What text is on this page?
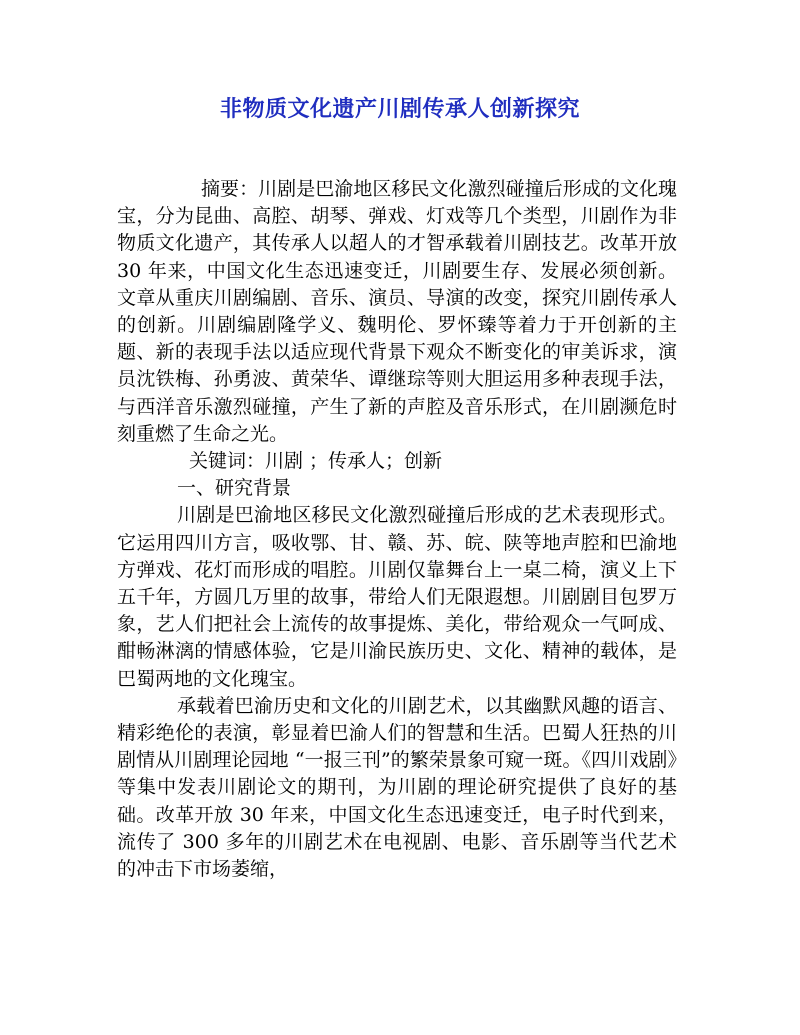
非物质文化遗产川剧传承人创新探究

摘要：川剧是巴渝地区移民文化激烈碰撞后形成的文化瑰宝，分为昆曲、高腔、胡琴、弹戏、灯戏等几个类型，川剧作为非物质文化遗产，其传承人以超人的才智承载着川剧技艺。改革开放 30 年来，中国文化生态迅速变迁，川剧要生存、发展必须创新。文章从重庆川剧编剧、音乐、演员、导演的改变，探究川剧传承人的创新。川剧编剧隆学义、魏明伦、罗怀臻等着力于开创新的主题、新的表现手法以适应现代背景下观众不断变化的审美诉求，演员沈铁梅、孙勇波、黄荣华、谭继琮等则大胆运用多种表现手法，与西洋音乐激烈碰撞，产生了新的声腔及音乐形式，在川剧濒危时刻重燃了生命之光。

关键词：川剧 ；传承人；创新

一、研究背景

川剧是巴渝地区移民文化激烈碰撞后形成的艺术表现形式。它运用四川方言，吸收鄂、甘、赣、苏、皖、陕等地声腔和巴渝地方弹戏、花灯而形成的唱腔。川剧仅靠舞台上一桌二椅，演义上下五千年，方圆几万里的故事，带给人们无限遐想。川剧剧目包罗万象，艺人们把社会上流传的故事提炼、美化，带给观众一气呵成、酣畅淋漓的情感体验，它是川渝民族历史、文化、精神的载体，是巴蜀两地的文化瑰宝。

承载着巴渝历史和文化的川剧艺术，以其幽默风趣的语言、精彩绝伦的表演，彰显着巴渝人们的智慧和生活。巴蜀人狂热的川剧情从川剧理论园地 “一报三刊”的繁荣景象可窥一斑。《四川戏剧》等集中发表川剧论文的期刊，为川剧的理论研究提供了良好的基础。改革开放 30 年来，中国文化生态迅速变迁，电子时代到来，流传了 300 多年的川剧艺术在电视剧、电影、音乐剧等当代艺术的冲击下市场萎缩，
